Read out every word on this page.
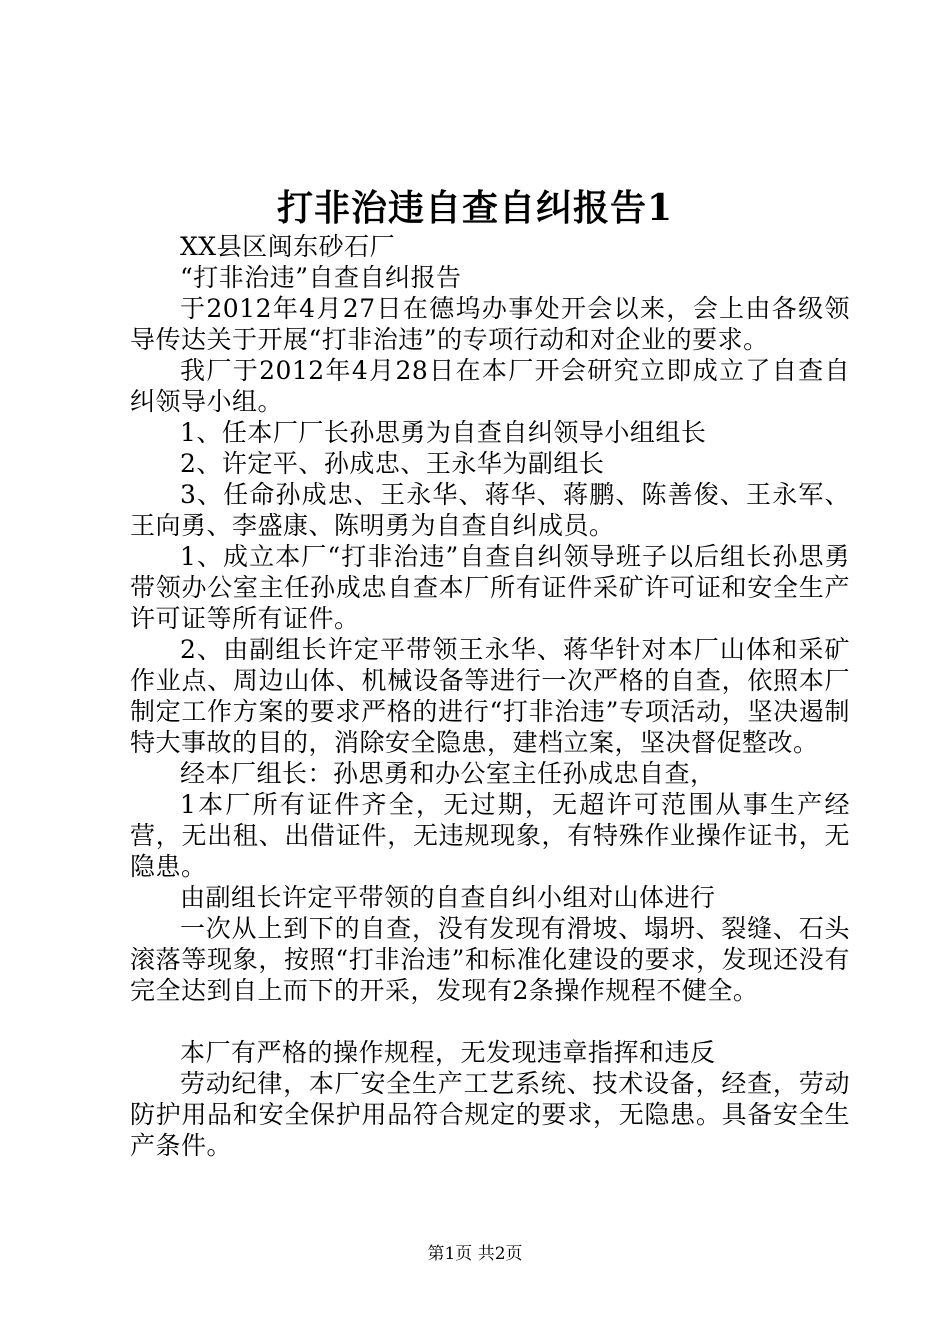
打非治违自查自纠报告1

XX县区闽东砂石厂

“打非治违”自查自纠报告

于2012年4月27日在德坞办事处开会以来，会上由各级领导传达关于开展“打非治违”的专项行动和对企业的要求。

我厂于2012年4月28日在本厂开会研究立即成立了自查自纠领导小组。

1、任本厂厂长孙思勇为自查自纠领导小组组长

2、许定平、孙成忠、王永华为副组长

3、任命孙成忠、王永华、蒋华、蒋鹏、陈善俊、王永军、王向勇、李盛康、陈明勇为自查自纠成员。

1、成立本厂“打非治违”自查自纠领导班子以后组长孙思勇带领办公室主任孙成忠自查本厂所有证件采矿许可证和安全生产许可证等所有证件。

2、由副组长许定平带领王永华、蒋华针对本厂山体和采矿作业点、周边山体、机械设备等进行一次严格的自查，依照本厂制定工作方案的要求严格的进行“打非治违”专项活动，坚决遏制特大事故的目的，消除安全隐患，建档立案，坚决督促整改。

经本厂组长：孙思勇和办公室主任孙成忠自查，

1本厂所有证件齐全，无过期，无超许可范围从事生产经营，无出租、出借证件，无违规现象，有特殊作业操作证书，无隐患。

由副组长许定平带领的自查自纠小组对山体进行

一次从上到下的自查，没有发现有滑坡、塌坍、裂缝、石头滚落等现象，按照“打非治违”和标准化建设的要求，发现还没有完全达到自上而下的开采，发现有2条操作规程不健全。

本厂有严格的操作规程，无发现违章指挥和违反

劳动纪律，本厂安全生产工艺系统、技术设备，经查，劳动防护用品和安全保护用品符合规定的要求，无隐患。具备安全生产条件。

第1页 共2页
